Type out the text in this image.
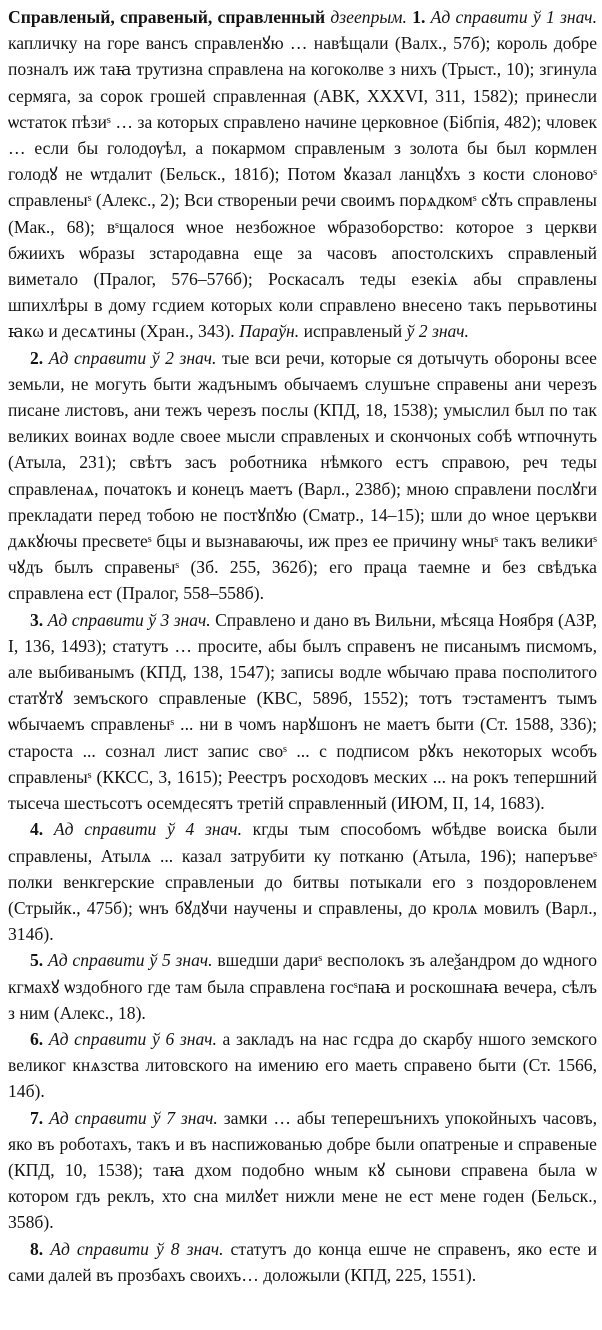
Справленый, справеный, справленный дзеепрым. 1. Ад справити ў 1 знач. капличку на горе вансъ справленꙋю … навѣщали (Валх., 57б); король добре позналъ иж таꙗ трутизна справлена на когоколве з нихъ (Трыст., 10); згинула сермяга, за сорок грошей справленная (АВК, XXXVI, 311, 1582); принесли ѡстаток пѣзиˢ … за которых справлено начине церковное (Бібпія, 482); чловек … если бы голодѹѣл, а покармом справленым з золота бы был кормлен голодꙋ не ѡтдалит (Бельск., 181б); Потом ꙋказал ланцꙋхъ з кости слоновоˢ справленыˢ (Алекс., 2); Вси створеныи речи своимъ порѧдкомˢ сꙋть справлены (Мак., 68); вˢщалося ѡное незбожное ѡбразоборство: которое з церкви бжиихъ ѡбразы зстародавна еще за часовъ апостолскихъ справленый виметало (Пралог, 576–576б); Роскасалъ теды езекіѧ абы справлены шпихлѣры в дому гсдием которых коли справлено внесено такъ перьвотины ꙗкω и десѧтины (Хран., 343). Параўн. исправленый ў 2 знач.

2. Ад справити ў 2 знач. тые вси речи, которые ся дотычуть обороны всее земьли, не могуть быти жадънымъ обычаемъ слушъне справены ани черезъ писане листовъ, ани тежъ черезъ послы (КПД, 18, 1538); умыслил был по так великих воинах водле своее мысли справленых и скончоных собѣ ѡтпочнуть (Атыла, 231); свѣтъ засъ роботника нѣмкого естъ справою, реч теды справленаѧ, початокъ и конецъ маетъ (Варл., 238б); мнoю справлени послꙋги прекладати перед тобою не постꙋпꙋю (Сматр., 14–15); шли до ѡное церъкви дѧкꙋючы пресветеˢ бцы и вызнаваючы, иж през ее причину ѡныˢ такъ великиˢ чꙋдъ былъ справеныˢ (Зб. 255, 362б); его праца таемне и без свѣдъка справлена ест (Пралог, 558–558б).

3. Ад справити ў 3 знач. Справлено и дано въ Вильни, мѣсяца Ноября (АЗР, I, 136, 1493); статутъ … просите, абы былъ справенъ не писанымъ писмомъ, але выбиванымъ (КПД, 138, 1547); записы водле ѡбычаю права посполитого статꙋтꙋ земъского справленые (КВС, 589б, 1552); тотъ тэстаментъ тымъ ѡбычаемъ справленыˢ ... ни в чомъ нарꙋшонъ не маетъ быти (Ст. 1588, 336); староста ... сознал лист запис своˢ ... с подписом рꙋкъ некоторых ѡсобъ справленыˢ (ККСС, 3, 1615); Реестръ росходовъ меских ... на рокъ тепершний тысеча шестьсотъ осемдесятъ третій справленный (ИЮМ, II, 14, 1683).

4. Ад справити ў 4 знач. кгды тым способомъ ѡбѣдве воиска были справлены, Атылѧ ... казал затрубити ку потканю (Атыла, 196); наперъвеˢ полки венкгерские справленыи до битвы потыкали его з поздоровленем (Стрыйк., 475б); ѡнъ бꙋдꙋчи научены и справлены, до кролѧ мовилъ (Варл., 314б).

5. Ад справити ў 5 знач. вшедши дариˢ весполокъ зъ алеѯандром до ѡдного кгмахꙋ ѡздобного где там была справлена госˢпаꙗ и роскошнаꙗ вечера, сѣлъ з ним (Алекс., 18).

6. Ад справити ў 6 знач. а закладъ на нас гсдра до скарбу ншого земского великог кнѧзства литовского на имению его маеть справено быти (Ст. 1566, 14б).

7. Ад справити ў 7 знач. замки … абы теперешънихъ упокойныхъ часовъ, яко въ роботахъ, такъ и въ наспижованью добре были опатреные и справеные (КПД, 10, 1538); таꙗ дхом подобно ѡным кꙋ сынови справена была ѡ котором гдъ реклъ, хто сна милꙋет нижли мене не ест мене годен (Бельск., 358б).

8. Ад справити ў 8 знач. статутъ до конца ешче не справенъ, яко есте и сами далей въ прозбахъ своихъ… доложыли (КПД, 225, 1551).
